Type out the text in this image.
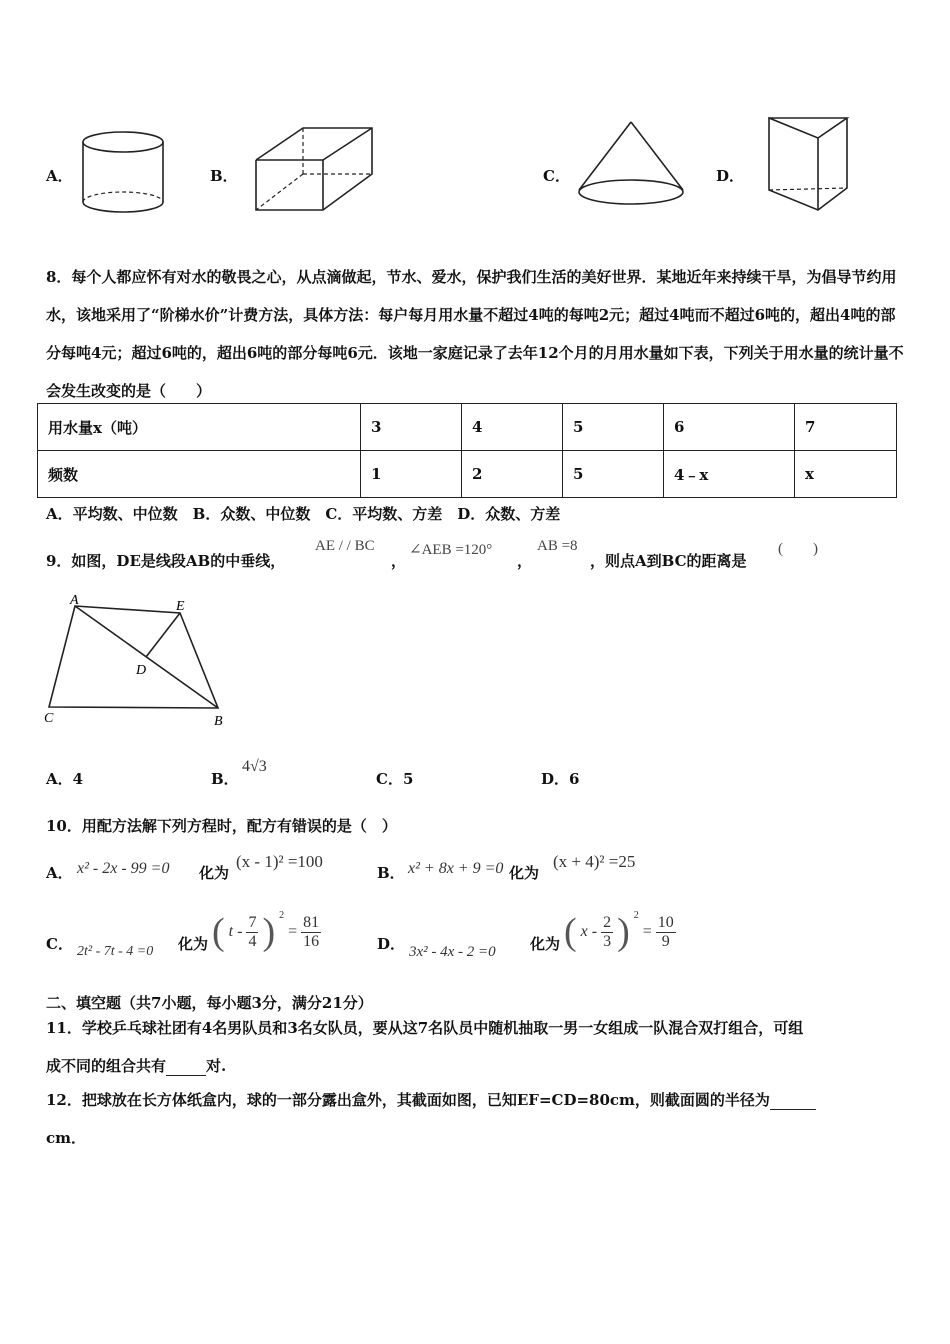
A．	B．	C．	D．
8．每个人都应怀有对水的敬畏之心，从点滴做起，节水、爱水，保护我们生活的美好世界．某地近年来持续干旱，为倡导节约用水，该地采用了“阶梯水价”计费方法，具体方法：每户每月用水量不超过4吨的每吨2元；超过4吨而不超过6吨的，超出4吨的部分每吨4元；超过6吨的，超出6吨的部分每吨6元．该地一家庭记录了去年12个月的月用水量如下表，下列关于用水量的统计量不会发生改变的是（　　）
用水量x（吨）	3	4	5	6	7
频数	1	2	5	4﹣x	x
A．平均数、中位数　B．众数、中位数　C．平均数、方差　D．众数、方差
9．如图，DE是线段AB的中垂线，
AE / / BC
，
∠AEB =120°
，
AB =8
，则点A到BC的距离是
(　　)
A	E
D
C	B
A．4	B．
4√3
C．5	D．6
10．用配方法解下列方程时，配方有错误的是（　）
A． x² - 2x - 99 =0 化为
(x - 1)² =100
B． x² + 8x + 9 =0 化为
(x + 4)² =25
C． 2t² - 7t - 4 =0 化为 ( t - $\frac{7}{4}$ ) $^2$
= $\frac{81}{16}$	D． 3x² - 4x - 2 =0 化为 ( x - $\frac{2}{3}$ ) $^2$
= $\frac{10}{9}$
二、填空题（共7小题，每小题3分，满分21分）
11．学校乒乓球社团有4名男队员和3名女队员，要从这7名队员中随机抽取一男一女组成一队混合双打组合，可组
成不同的组合共有	对.
12．把球放在长方体纸盒内，球的一部分露出盒外，其截面如图，已知EF=CD=80cm，则截面圆的半径为
cm．
